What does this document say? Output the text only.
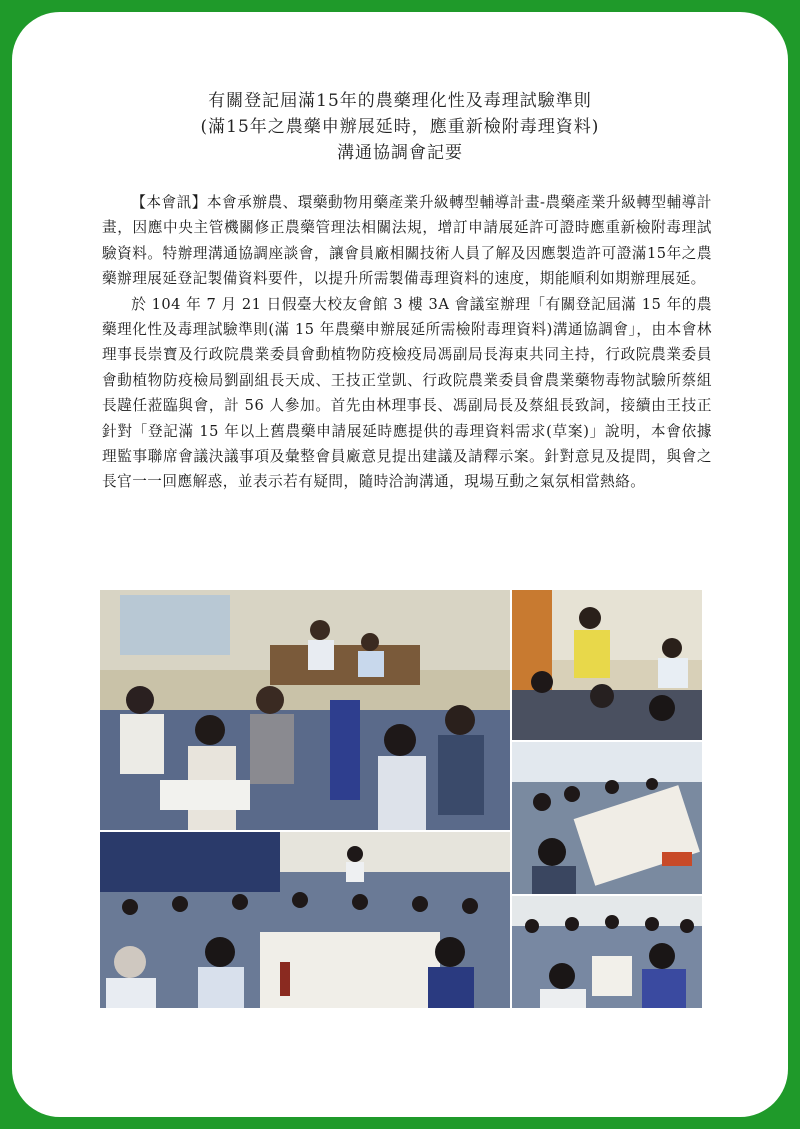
有關登記屆滿15年的農藥理化性及毒理試驗準則
(滿15年之農藥申辦展延時，應重新檢附毒理資料)
溝通協調會記要

【本會訊】本會承辦農、環藥動物用藥產業升級轉型輔導計畫-農藥產業升級轉型輔導計畫，因應中央主管機關修正農藥管理法相關法規，增訂申請展延許可證時應重新檢附毒理試驗資料。特辦理溝通協調座談會，讓會員廠相關技術人員了解及因應製造許可證滿15年之農藥辦理展延登記製備資料要件，以提升所需製備毒理資料的速度，期能順利如期辦理展延。

於 104 年 7 月 21 日假臺大校友會館 3 樓 3A 會議室辦理「有關登記屆滿 15 年的農藥理化性及毒理試驗準則(滿 15 年農藥申辦展延所需檢附毒理資料)溝通協調會」，由本會林理事長崇寶及行政院農業委員會動植物防疫檢疫局馮副局長海東共同主持，行政院農業委員會動植物防疫檢局劉副組長天成、王技正堂凱、行政院農業委員會農業藥物毒物試驗所蔡組長韙任蒞臨與會，計 56 人參加。首先由林理事長、馮副局長及蔡組長致詞，接續由王技正針對「登記滿 15 年以上舊農藥申請展延時應提供的毒理資料需求(草案)」說明，本會依據理監事聯席會議決議事項及彙整會員廠意見提出建議及請釋示案。針對意見及提問，與會之長官一一回應解惑，並表示若有疑問，隨時洽詢溝通，現場互動之氣氛相當熱絡。
